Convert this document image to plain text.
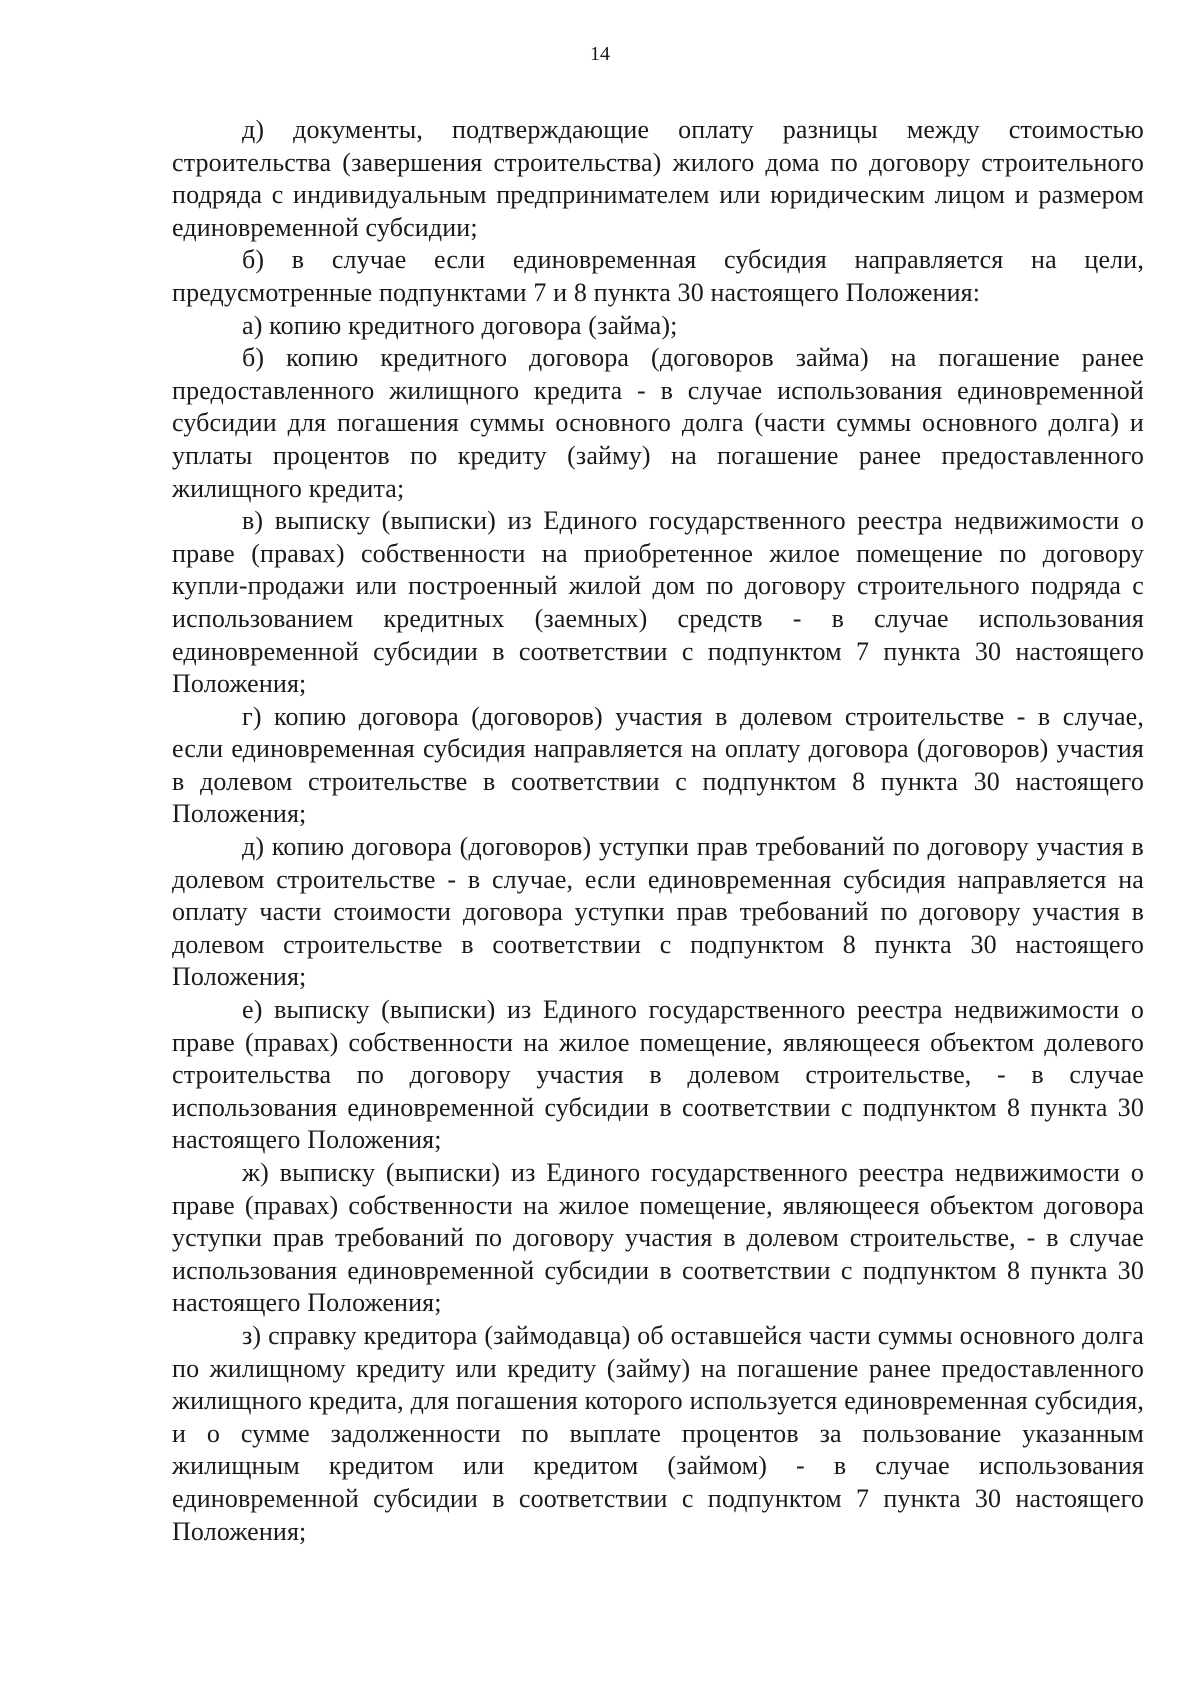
14

д) документы, подтверждающие оплату разницы между стоимостью строительства (завершения строительства) жилого дома по договору строительного подряда с индивидуальным предпринимателем или юридическим лицом и размером единовременной субсидии;

б) в случае если единовременная субсидия направляется на цели, предусмотренные подпунктами 7 и 8 пункта 30 настоящего Положения:

а) копию кредитного договора (займа);

б) копию кредитного договора (договоров займа) на погашение ранее предоставленного жилищного кредита - в случае использования единовременной субсидии для погашения суммы основного долга (части суммы основного долга) и уплаты процентов по кредиту (займу) на погашение ранее предоставленного жилищного кредита;

в) выписку (выписки) из Единого государственного реестра недвижимости о праве (правах) собственности на приобретенное жилое помещение по договору купли-продажи или построенный жилой дом по договору строительного подряда с использованием кредитных (заемных) средств - в случае использования единовременной субсидии в соответствии с подпунктом 7 пункта 30 настоящего Положения;

г) копию договора (договоров) участия в долевом строительстве - в случае, если единовременная субсидия направляется на оплату договора (договоров) участия в долевом строительстве в соответствии с подпунктом 8 пункта 30 настоящего Положения;

д) копию договора (договоров) уступки прав требований по договору участия в долевом строительстве - в случае, если единовременная субсидия направляется на оплату части стоимости договора уступки прав требований по договору участия в долевом строительстве в соответствии с подпунктом 8 пункта 30 настоящего Положения;

е) выписку (выписки) из Единого государственного реестра недвижимости о праве (правах) собственности на жилое помещение, являющееся объектом долевого строительства по договору участия в долевом строительстве, - в случае использования единовременной субсидии в соответствии с подпунктом 8 пункта 30 настоящего Положения;

ж) выписку (выписки) из Единого государственного реестра недвижимости о праве (правах) собственности на жилое помещение, являющееся объектом договора уступки прав требований по договору участия в долевом строительстве, - в случае использования единовременной субсидии в соответствии с подпунктом 8 пункта 30 настоящего Положения;

з) справку кредитора (займодавца) об оставшейся части суммы основного долга по жилищному кредиту или кредиту (займу) на погашение ранее предоставленного жилищного кредита, для погашения которого используется единовременная субсидия, и о сумме задолженности по выплате процентов за пользование указанным жилищным кредитом или кредитом (займом) - в случае использования единовременной субсидии в соответствии с подпунктом 7 пункта 30 настоящего Положения;
